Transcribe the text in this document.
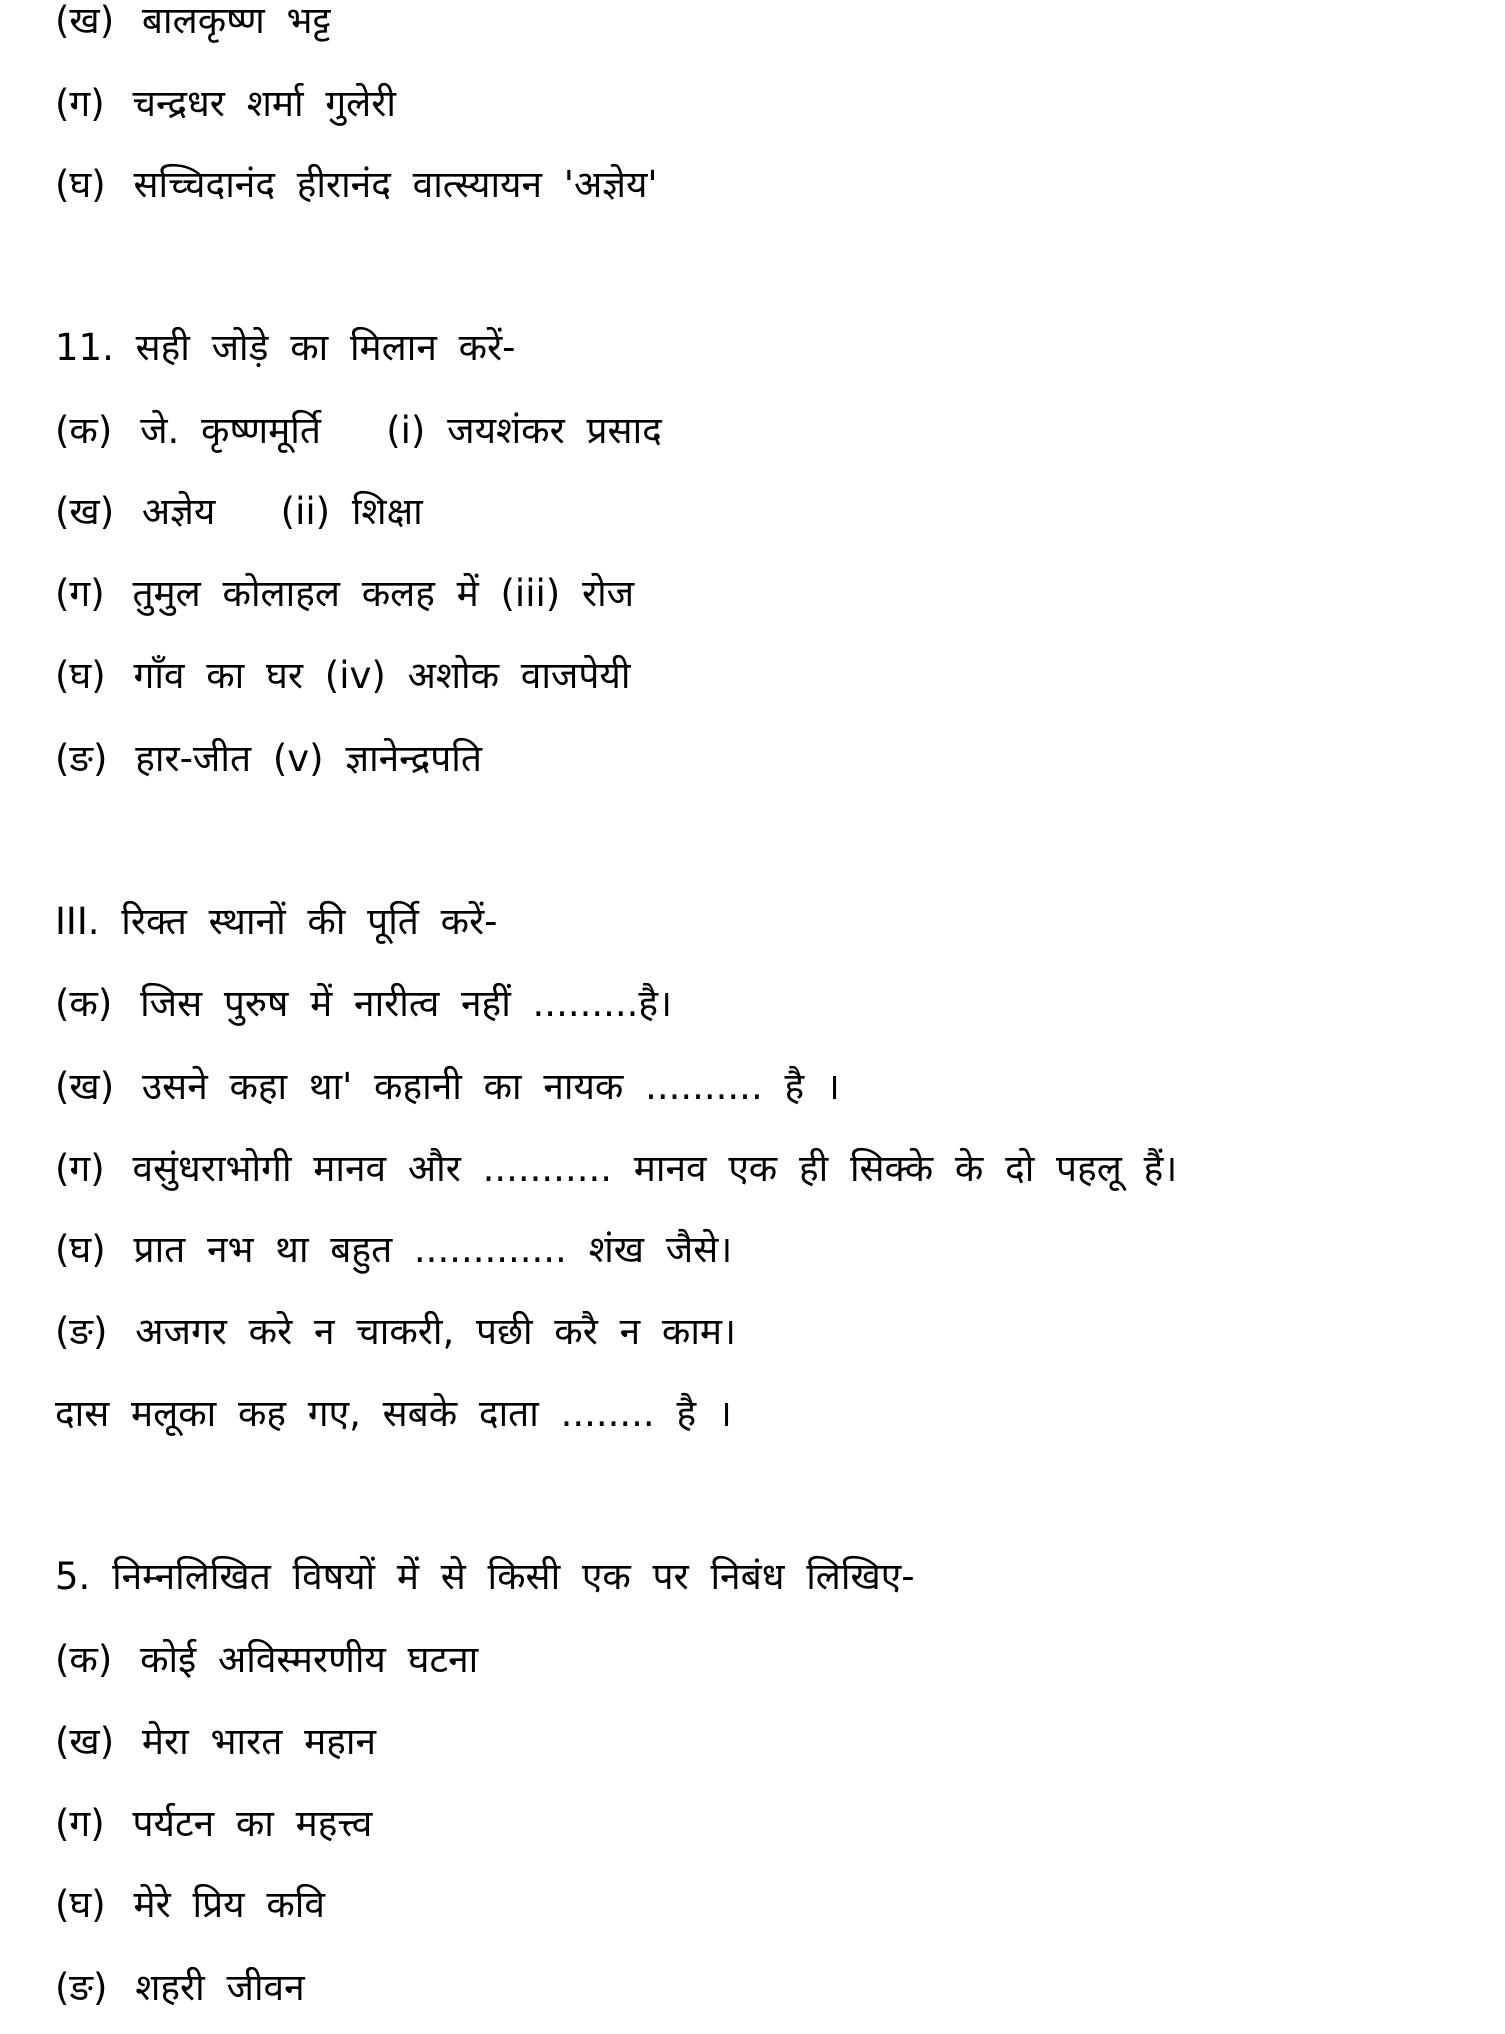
(ख) बालकृष्ण भट्ट
(ग) चन्द्रधर शर्मा गुलेरी
(घ) सच्चिदानंद हीरानंद वात्स्यायन 'अज्ञेय'
11. सही जोड़े का मिलान करें-
(क) जे. कृष्णमूर्ति   (i) जयशंकर प्रसाद
(ख) अज्ञेय   (ii) शिक्षा
(ग) तुमुल कोलाहल कलह में (iii) रोज
(घ) गाँव का घर (iv) अशोक वाजपेयी
(ङ) हार-जीत (v) ज्ञानेन्द्रपति
III. रिक्त स्थानों की पूर्ति करें-
(क) जिस पुरुष में नारीत्व नहीं .........है।
(ख) उसने कहा था' कहानी का नायक .......... है ।
(ग) वसुंधराभोगी मानव और ........... मानव एक ही सिक्के के दो पहलू हैं।
(घ) प्रात नभ था बहुत ............. शंख जैसे।
(ङ) अजगर करे न चाकरी, पछी करै न काम।
दास मलूका कह गए, सबके दाता ........ है ।
5. निम्नलिखित विषयों में से किसी एक पर निबंध लिखिए-
(क) कोई अविस्मरणीय घटना
(ख) मेरा भारत महान
(ग) पर्यटन का महत्त्व
(घ) मेरे प्रिय कवि
(ङ) शहरी जीवन
